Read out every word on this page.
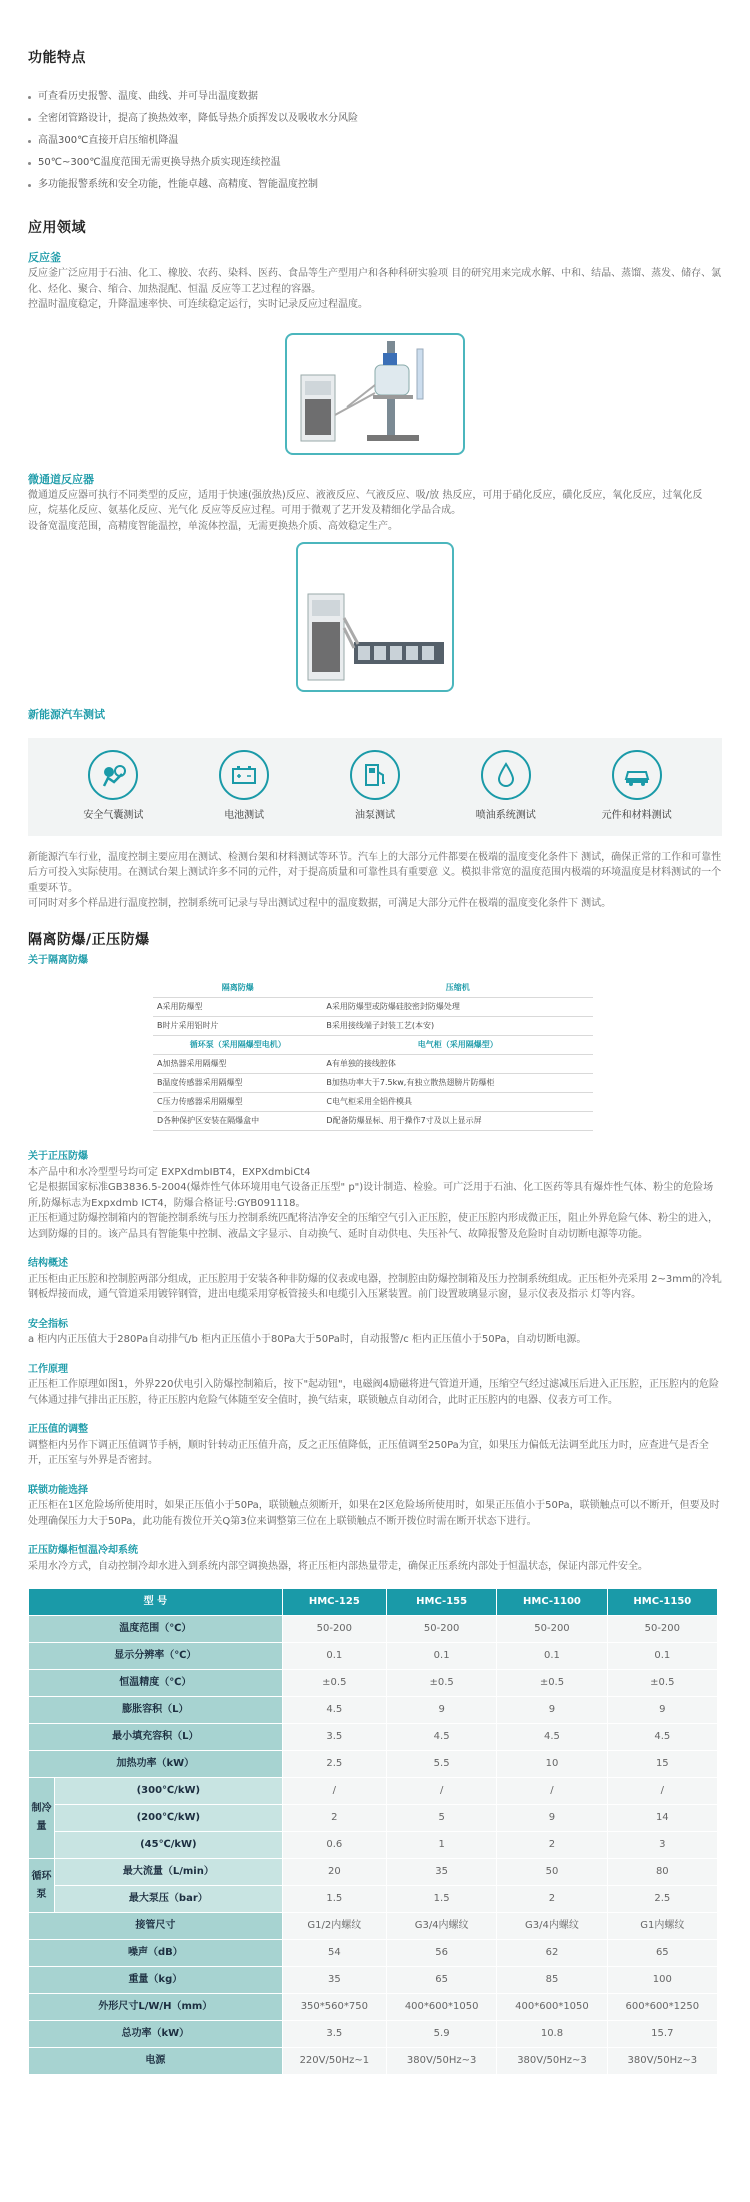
功能特点
可查看历史报警、温度、曲线、并可导出温度数据
全密闭管路设计，提高了换热效率，降低导热介质挥发以及吸收水分风险
高温300℃直接开启压缩机降温
50℃~300℃温度范围无需更换导热介质实现连续控温
多功能报警系统和安全功能，性能卓越、高精度、智能温度控制
应用领域
反应釜

反应釜广泛应用于石油、化工、橡胶、农药、染料、医药、食品等生产型用户和各种科研实验项 目的研究用来完成水解、中和、结晶、蒸馏、蒸发、储存、氯化、烃化、聚合、缩合、加热混配、恒温 反应等工艺过程的容器。

控温时温度稳定，升降温速率快、可连续稳定运行，实时记录反应过程温度。

微通道反应器

微通道反应器可执行不同类型的反应，适用于快速(强放热)反应、液液反应、气液反应、吸/放 热反应，可用于硝化反应，磺化反应，氧化反应，过氧化反应，烷基化反应、氨基化反应、光气化 反应等反应过程。可用于微观了艺开发及精细化学品合成。

设备宽温度范围，高精度智能温控，单流体控温，无需更换热介质、高效稳定生产。

新能源汽车测试
安全气囊测试	电池测试	油泵测试	喷油系统测试	元件和材料测试

新能源汽车行业，温度控制主要应用在测试、检测台架和材料测试等环节。汽车上的大部分元件都要在极端的温度变化条件下 测试，确保正常的工作和可靠性后方可投入实际使用。在测试台架上测试许多不同的元件，对于提高质量和可靠性具有重要意 义。模拟非常宽的温度范围内极端的环境温度是材料测试的一个重要环节。

可同时对多个样品进行温度控制，控制系统可记录与导出测试过程中的温度数据，可满足大部分元件在极端的温度变化条件下 测试。

隔离防爆/正压防爆
关于隔离防爆
隔离防爆	压缩机
A采用防爆型	A采用防爆型或防爆硅胶密封防爆处理
B时片采用铝时片	B采用接线端子封装工艺(本安)
循环泵（采用隔爆型电机）	电气柜（采用隔爆型）
A加热器采用隔爆型	A有单独的接线腔体
B温度传感器采用隔爆型	B加热功率大于7.5kw,有独立散热翅膀片防爆柜
C压力传感器采用隔爆型	C电气柜采用全铝件模具
D各种保护区安装在隔爆盒中	D配备防爆显标、用于操作7寸及以上显示屏
关于正压防爆

本产品中和水冷型型号均可定 EXPXdmbIBT4，EXPXdmbiCt4
它是根据国家标准GB3836.5-2004(爆炸性气体环境用电气设备正压型" p")设计制造、检验。可广泛用于石油、化工医药等具有爆炸性气体、粉尘的危险场所,防爆标志为Expxdmb ICT4，防爆合格证号:GYB091118。
正压柜通过防爆控制箱内的智能控制系统与压力控制系统匹配将洁净安全的压缩空气引入正压腔，使正压腔内形成微正压，阻止外界危险气体、粉尘的进入，达到防爆的目的。该产品具有智能集中控制、液晶文字显示、自动换气、延时自动供电、失压补气、故障报警及危险时自动切断电源等功能。

结构概述

正压柜由正压腔和控制腔两部分组成，正压腔用于安装各种非防爆的仪表或电器，控制腔由防爆控制箱及压力控制系统组成。正压柜外壳采用 2~3mm的冷轧钢板焊接而成，通气管道采用镀锌钢管，进出电缆采用穿板管接头和电缆引入压紧装置。前门设置玻璃显示窗，显示仪表及指示 灯等内容。

安全指标

a 柜内内正压值大于280Pa自动排气/b 柜内正压值小于80Pa大于50Pa时，自动报警/c 柜内正压值小于50Pa，自动切断电源。

工作原理

正压柜工作原理如图1，外界220伏电引入防爆控制箱后，按下"起动钮"，电磁阀4励磁将进气管道开通，压缩空气经过滤减压后进入正压腔，正压腔内的危险气体通过排气排出正压腔，待正压腔内危险气体随至安全值时，换气结束，联锁触点自动闭合，此时正压腔内的电器、仪表方可工作。

正压值的调整

调整柜内另作下调正压值调节手柄，顺时针转动正压值升高，反之正压值降低，正压值调至250Pa为宜，如果压力偏低无法调至此压力时，应查进气是否全开，正压室与外界是否密封。

联锁功能选择

正压柜在1区危险场所使用时，如果正压值小于50Pa，联锁触点须断开，如果在2区危险场所使用时，如果正压值小于50Pa，联锁触点可以不断开，但要及时处理确保压力大于50Pa，此功能有拨位开关Q第3位来调整第三位在上联锁触点不断开拨位时需在断开状态下进行。

正压防爆柜恒温冷却系统

采用水冷方式，自动控制冷却水进入到系统内部空调换热器，将正压柜内部热量带走，确保正压系统内部处于恒温状态，保证内部元件安全。

型 号		HMC-125	HMC-155	HMC-1100	HMC-1150
温度范围（℃）		50-200	50-200	50-200	50-200
显示分辨率（℃）		0.1	0.1	0.1	0.1
恒温精度（℃）		±0.5	±0.5	±0.5	±0.5
膨胀容积（L）		4.5	9	9	9
最小填充容积（L）		3.5	4.5	4.5	4.5
加热功率（kW）		2.5	5.5	10	15
制冷量	(300℃/kW)	/	/	/	/
	(200℃/kW)	2	5	9	14
	(45℃/kW)	0.6	1	2	3
循环泵	最大流量（L/min）	20	35	50	80
	最大泵压（bar）	1.5	1.5	2	2.5
接管尺寸		G1/2内螺纹	G3/4内螺纹	G3/4内螺纹	G1内螺纹
噪声（dB）		54	56	62	65
重量（kg）		35	65	85	100
外形尺寸L/W/H（mm）		350*560*750	400*600*1050	400*600*1050	600*600*1250
总功率（kW）		3.5	5.9	10.8	15.7
电源		220V/50Hz~1	380V/50Hz~3	380V/50Hz~3	380V/50Hz~3
